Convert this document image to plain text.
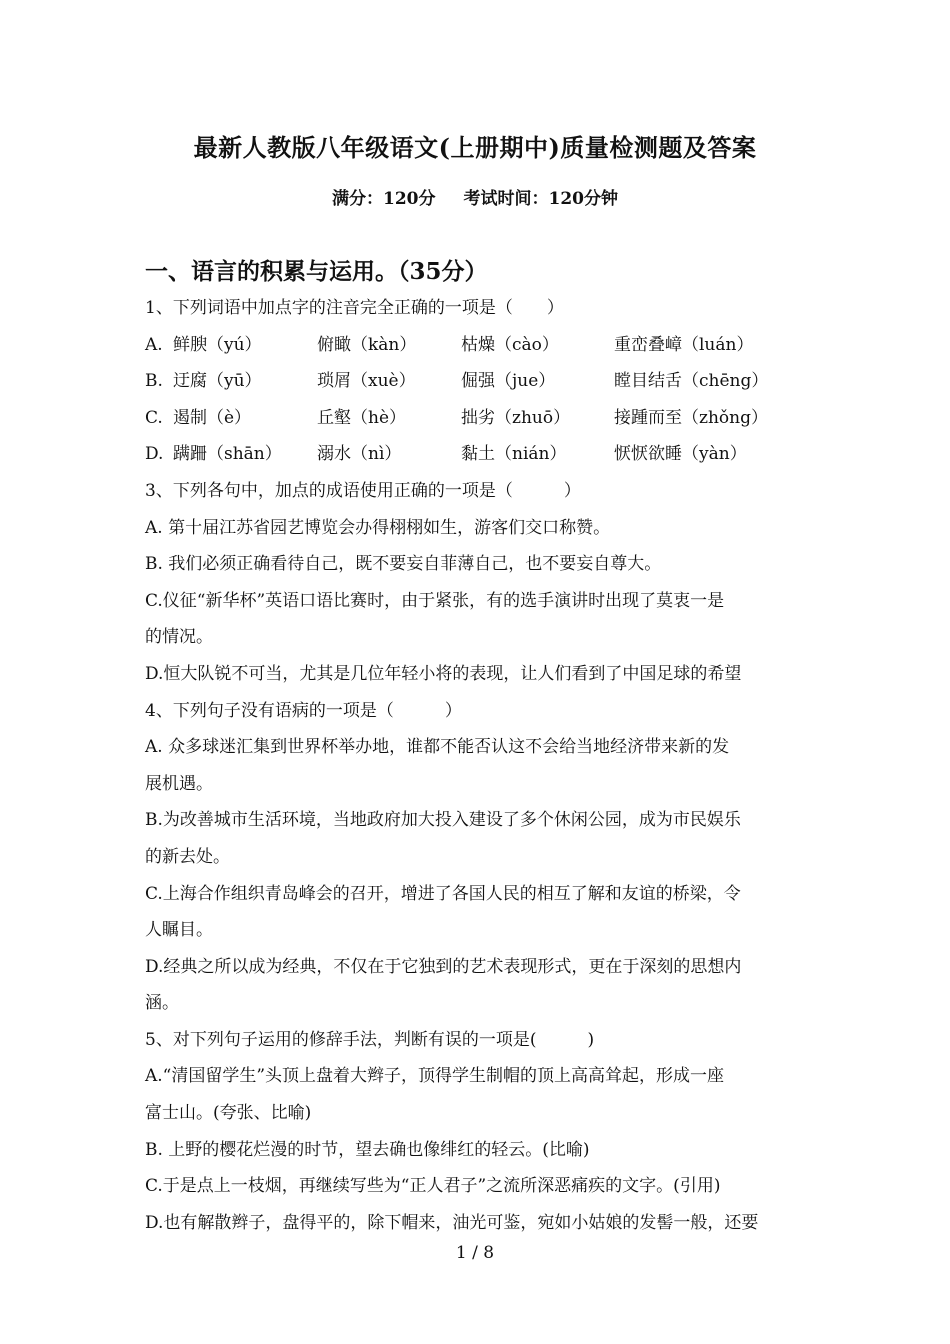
最新人教版八年级语文(上册期中)质量检测题及答案
满分：120分 考试时间：120分钟
一、语言的积累与运用。（35分）
1、下列词语中加点字的注音完全正确的一项是（　　）
A. 鲜腴（yú）	俯瞰（kàn）	枯燥（cào）	重峦叠嶂（luán）
B. 迂腐（yū）	琐屑（xuè）	倔强（jue）	瞠目结舌（chēng）
C. 遏制（è）	丘壑（hè）	拙劣（zhuō）	接踵而至（zhǒng）
D. 蹒跚（shān）	溺水（nì）	黏土（nián）	恹恹欲睡（yàn）
3、下列各句中，加点的成语使用正确的一项是（　　　）
A. 第十届江苏省园艺博览会办得栩栩如生，游客们交口称赞。
B. 我们必须正确看待自己，既不要妄自菲薄自己，也不要妄自尊大。
C.仪征“新华杯”英语口语比赛时，由于紧张，有的选手演讲时出现了莫衷一是
的情况。
D.恒大队锐不可当，尤其是几位年轻小将的表现，让人们看到了中国足球的希望
4、下列句子没有语病的一项是（　　　）
A. 众多球迷汇集到世界杯举办地，谁都不能否认这不会给当地经济带来新的发
展机遇。
B.为改善城市生活环境，当地政府加大投入建设了多个休闲公园，成为市民娱乐
的新去处。
C.上海合作组织青岛峰会的召开，增进了各国人民的相互了解和友谊的桥梁，令
人瞩目。
D.经典之所以成为经典，不仅在于它独到的艺术表现形式，更在于深刻的思想内
涵。
5、对下列句子运用的修辞手法，判断有误的一项是(　　　)
A.“清国留学生”头顶上盘着大辫子，顶得学生制帽的顶上高高耸起，形成一座
富士山。(夸张、比喻)
B. 上野的樱花烂漫的时节，望去确也像绯红的轻云。(比喻)
C.于是点上一枝烟，再继续写些为“正人君子”之流所深恶痛疾的文字。(引用)
D.也有解散辫子，盘得平的，除下帽来，油光可鉴，宛如小姑娘的发髻一般，还要
1 / 8
